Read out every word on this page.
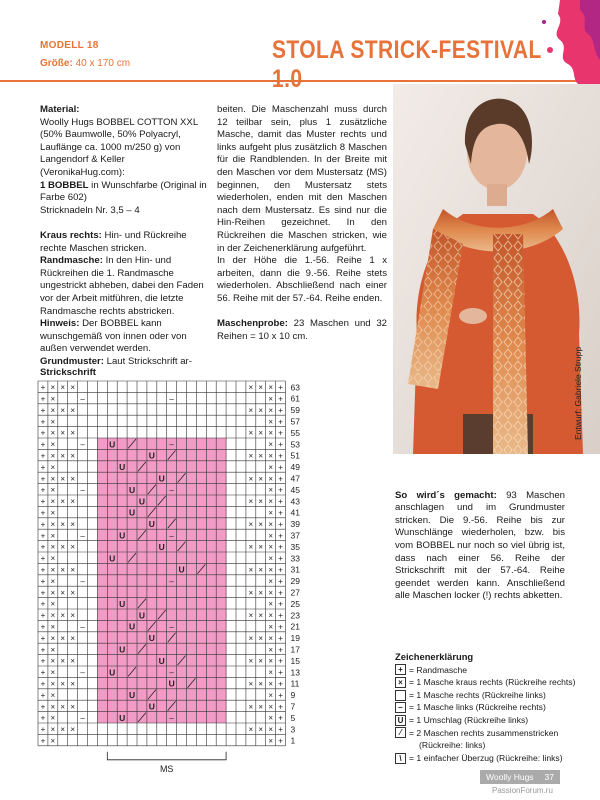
MODELL 18
Größe: 40 x 170 cm	STOLA STRICK-FESTIVAL 1.0

Material:

Woolly Hugs BOBBEL COTTON XXL (50% Baumwolle, 50% Polyacryl, Lauflänge ca. 1000 m/250 g) von Langendorf & Keller (VeronikaHug.com):

1 BOBBEL in Wunschfarbe (Original in Farbe 602)

Stricknadeln Nr. 3,5 – 4

Kraus rechts: Hin- und Rückreihe rechte Maschen stricken.

Randmasche: In den Hin- und Rückreihen die 1. Randmasche ungestrickt abheben, dabei den Faden vor der Arbeit mitführen, die letzte Randmasche rechts abstricken.

Hinweis: Der BOBBEL kann wunschgemäß von innen oder von außen verwendet werden.

Grundmuster: Laut Strickschrift ar-

beiten. Die Maschenzahl muss durch 12 teilbar sein, plus 1 zusätzliche Masche, damit das Muster rechts und links aufgeht plus zusätzlich 8 Maschen für die Randblenden. In der Breite mit den Maschen vor dem Mustersatz (MS) beginnen, den Mustersatz stets wiederholen, enden mit den Maschen nach dem Mustersatz. Es sind nur die Hin-Reihen gezeichnet. In den Rückreihen die Maschen stricken, wie in der Zeichenerklärung aufgeführt.

In der Höhe die 1.-56. Reihe 1 x arbeiten, dann die 9.-56. Reihe stets wiederholen. Abschließend nach einer 56. Reihe mit der 57.-64. Reihe enden.

Maschenprobe: 23 Maschen und 32 Reihen = 10 x 10 cm.

Entwurf: Gabriele Strupp

So wird´s gemacht: 93 Maschen anschlagen und im Grundmuster stricken. Die 9.-56. Reihe bis zur Wunschlänge wiederholen, bzw. bis vom BOBBEL nur noch so viel übrig ist, dass nach einer 56. Reihe der Strickschrift mit der 57.-64. Reihe geendet werden kann. Anschließend alle Maschen locker (!) rechts abketten.

Strickschrift
+	+
× × ×	× × ×
+	+
×	×
+	+
× × ×	× × ×
+	+
×	×
+	+
× × ×	× × ×
+	+
×	×
+	+
× × ×	× × ×
+	+
×	×
+	+
× × ×	× × ×
+	+
×	×
+	+
× × ×	× × ×
+	+
×	×
+	+
× × ×	× × ×
+	+
×	×
+	+
× × ×	× × ×
+	+
×	×
+	+
× × ×	× × ×
+	+
×	×
+	+
× × ×	× × ×
+	+
×	×
+	+
× × ×	× × ×
+	+
×	×
+	+
× × ×	× × ×
+	+
×	×
+	+
× × ×	× × ×
+	+
×	×
+	+
× × ×	× × ×
+	+
×	×
+	+
× × ×	× × ×
+	+
×	×
+	+
× × ×	× × ×
+	+
×	×
U
U
U
U
U
U
U
U
U
U
U
U
U
U
U
U
U
U
U
U
U
U
U
–	–
–	–
–	–
–	–
–	–
–	–
–	–
–	–
63
61
59
57
55
53
51
49
47
45
43
41
39
37
35
33
31
29
27
25
23
21
19
17
15
13
11
9
7
5
3
1
MS
Zeichenerklärung
+ = Randmasche
× = 1 Masche kraus rechts (Rückreihe rechts)
= 1 Masche rechts (Rückreihe links)
– = 1 Masche links (Rückreihe rechts)
U = 1 Umschlag (Rückreihe links)
⁄ = 2 Maschen rechts zusammenstricken
(Rückreihe: links)
\ = 1 einfacher Überzug (Rückreihe: links)
Woolly Hugs 37
PassionForum.ru
